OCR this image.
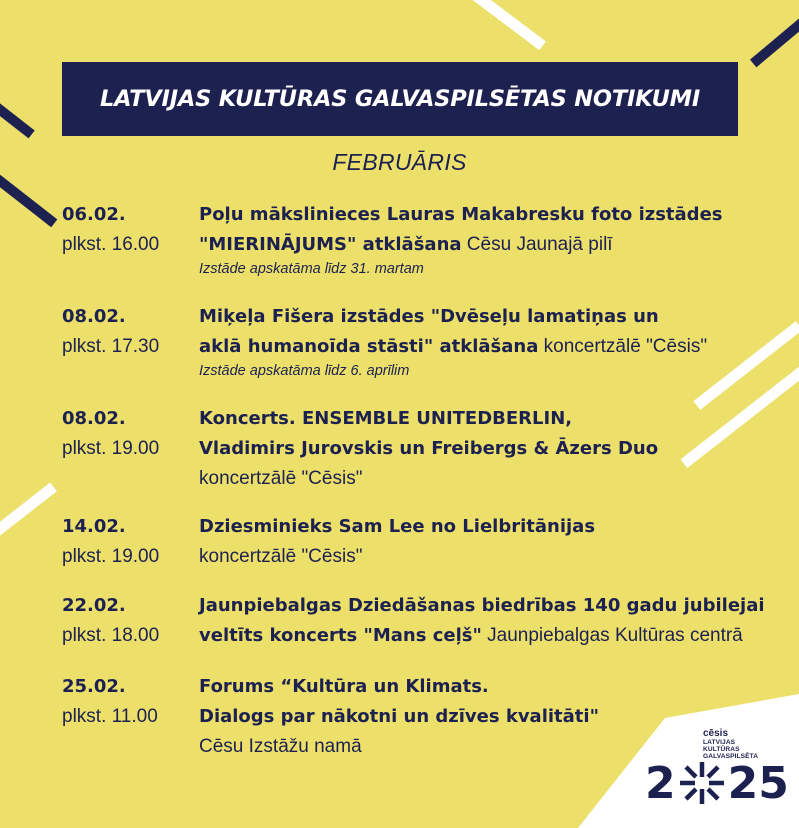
LATVIJAS KULTŪRAS GALVASPILSĒTAS NOTIKUMI
FEBRUĀRIS
06.02.
plkst. 16.00
Poļu mākslinieces Lauras Makabresku foto izstādes
"MIERINĀJUMS" atklāšana Cēsu Jaunajā pilī
Izstāde apskatāma līdz 31. martam
08.02.
plkst. 17.30
Miķeļa Fišera izstādes "Dvēseļu lamatiņas un
aklā humanoīda stāsti" atklāšana koncertzālē "Cēsis"
Izstāde apskatāma līdz 6. aprīlim
08.02.
plkst. 19.00
Koncerts. ENSEMBLE UNITEDBERLIN,
Vladimirs Jurovskis un Freibergs & Āzers Duo
koncertzālē "Cēsis"
14.02.
plkst. 19.00
Dziesminieks Sam Lee no Lielbritānijas
koncertzālē "Cēsis"
22.02.
plkst. 18.00
Jaunpiebalgas Dziedāšanas biedrības 140 gadu jubilejai
veltīts koncerts "Mans ceļš" Jaunpiebalgas Kultūras centrā
25.02.
plkst. 11.00
Forums “Kultūra un Klimats.
Dialogs par nākotni un dzīves kvalitāti"
Cēsu Izstāžu namā
cēsis
LATVIJAS
KULTŪRAS
GALVASPILSĒTA
2 25
